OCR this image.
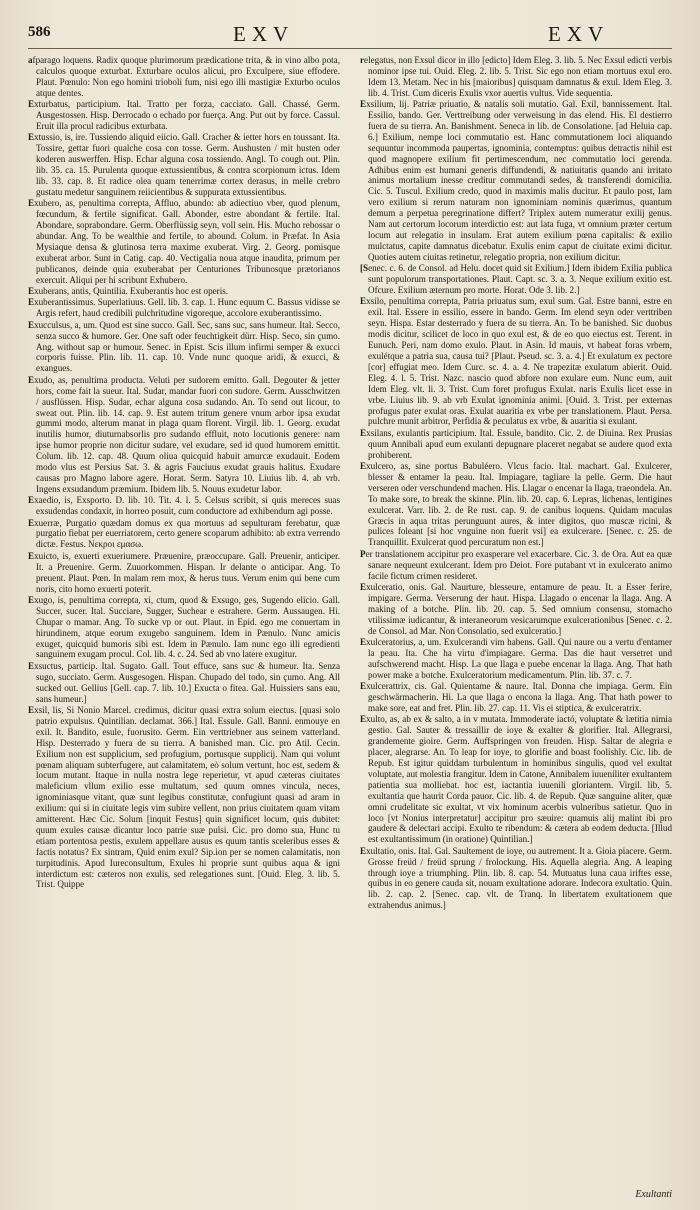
586	EXV	EXV

afparago loquens. Radix quoque plurimorum prædicatione trita, & in vino albo pota, calculos quoque exturbat. Exturbare oculos alicui, pro Exculpere, siue effodere. Plaut. Pœnulo: Non ego homini trioboli fum, nisi ego illi mastigiæ Exturbo oculos atque dentes.

Exturbatus, participium. Ital. Tratto per forza, cacciato. Gall. Chassé. Germ. Ausgestossen. Hisp. Derrocado o echado por fuerça. Ang. Put out by force. Cassul. Eruit illa procul radicibus exturbata.

Extussio, is, ire. Tussiendo aliquid eiicio. Gall. Cracher & ietter hors en toussant. Ita. Tossire, gettar fuori qualche cosa con tosse. Germ. Aushusten / mit husten oder koderen auswerffen. Hisp. Echar alguna cosa tossiendo. Angl. To cough out. Plin. lib. 35. ca. 15. Purulenta quoque extussientibus, & contra scorpionum ictus. Idem lib. 33. cap. 8. Et radice olea quam tenerrimæ cortex derasus, in melle crebro gustatu medetur sanguinem reiicientibus & suppurata extussientibus.

Exubero, as, penultima correpta, Affluo, abundo: ab adiectiuo vber, quod plenum, fœcundum, & fertile significat. Gall. Abonder, estre abondant & fertile. Ital. Abondare, soprabondare. Germ. Oberflüssig seyn, voll sein. His. Mucho rebossar o abundar. Ang. To be wealthie and fertile, to abound. Colum. in Præfat. In Asia Mysiaque densa & glutinosa terra maxime exuberat. Virg. 2. Georg. pomisque exuberat arbor. Sunt in Catig. cap. 40. Vectigalia noua atque inaudita, primum per publicanos, deinde quia exuberabat per Centuriones Tribunosque prætorianos exercuit. Aliqui per hi scribunt Exhubero.

Exuberans, antis, Quintilia. Exuberantis hoc est operis.

Exuberantissimus. Superlatiuus. Gell. lib. 3. cap. 1. Hunc equum C. Bassus vidisse se Argis refert, haud credibili pulchritudine vigoreque, accolore exuberantissimo.

Exucculsus, a, um. Quod est sine succo. Gall. Sec, sans suc, sans humeur. Ital. Secco, senza succo & humore. Ger. One saft oder feuchtigkeit dürr. Hisp. Seco, sin çumo. Ang. without sap or humour. Senec. in Epist. Scis illum infirmi semper & exucci corporis fuisse. Plin. lib. 11. cap. 10. Vnde nunc quoque aridi, & exucci, & exangues.

Exudo, as, penultima producta. Veluti per sudorem emitto. Gall. Degouter & jetter hors, come fait la sueur. Ital. Sudar, mandar fuori con sudore. Germ. Ausschwitzen / ausflüssen. Hisp. Sudar, echar alguna cosa sudando. An. To send out licour, to sweat out. Plin. lib. 14. cap. 9. Est autem tritum genere vnum arbor ipsa exudat gummi modo, alterum manat in plaga quam florent. Virgil. lib. 1. Georg. exudat inutilis humor, diuturnabsorlis pro sudando effluit, noto locutionis genere: nam ipse humor proprie non dicitur sudare, vel exudare, sed id quod humorem emittit. Colum. lib. 12. cap. 48. Quum oliua quicquid habuit amurcæ exudauit. Eodem modo vlus est Persius Sat. 3. & agris Fauciuus exudat grauis halitus. Exudare causas pro Magno labore agere. Horat. Serm. Satyra 10. Liuius lib. 4. ab vrb. Ingens exsudandum præmium. Ibidem lib. 5. Nouus exudetur labor.

Exaedio, is, Exsporto. D. lib. 10. Tit. 4. l. 5. Celsus scribit, si quis mereces suas exsudendas condaxit, in horreo posuit, cum conductore ad exhibendum agi posse.

Exuerræ, Purgatio quædam domus ex qua mortuus ad sepulturam ferebatur, quæ purgatio fiebat per euerriatorem, certo genere scoparum adhibito: ab extra verrendo dictæ. Festus. Νεκροι εμασω.

Exuicto, is, exuerti exueriumere. Præuenire, præoccupare. Gall. Preuenir, anticiper. It. a Preuenire. Germ. Zuuorkommen. Hispan. Ir delante o anticipar. Ang. To preuent. Plaut. Pœn. In malam rem mox, & herus tuus. Verum enim qui bene cum noris, cito homo exuerti poterit.

Exugo, is, penultima correpta, xi, ctum, quod & Exsugo, ges, Sugendo elicio. Gall. Succer, sucer. Ital. Succiare, Sugger, Suchear e estrahere. Germ. Aussaugen. Hi. Chupar o mamar. Ang. To sucke vp or out. Plaut. in Epid. ego me conuertam in hirundinem, atque eorum exugebo sanguinem. Idem in Pænulo. Nunc amicis exuget, quicquid humoris sibi est. Idem in Pænulo. Iam nunc ego illi egredienti sanguinem exugam procul. Col. lib. 4. c. 24. Sed ab vno latere exugitur.

Exsuctus, particip. Ital. Sugato. Gall. Tout effuce, sans suc & humeur. Ita. Senza sugo, succiato. Germ. Ausgesogen. Hispan. Chupado del todo, sin çumo. Ang. All sucked out. Gellius [Gell. cap. 7. lib. 10.] Exucta o fitea. Gal. Huissiers sans eau, sans humeur.]

Exsil, lis, Si Nonio Marcel. credimus, dicitur quasi extra solum eiectus. [quasi solo patrio expulsus. Quintilian. declamat. 366.] Ital. Essule. Gall. Banni. enmouye en exil. It. Bandito, esule, fuorusito. Germ. Ein verttriebner aus seinem vatterland. Hisp. Desterrado y fuera de su tierra. A banished man. Cic. pro Atil. Cecin. Exilium non est supplicium, sed profugium, portusque supplicij. Nam qui volunt pœnam aliquam subterfugere, aut calamitatem, eò solum vertunt, hoc est, sedem & locum mutant. Itaque in nulla nostra lege reperietur, vt apud cæteras ciuitates maleficium vllum exilio esse multatum, sed quum omnes vincula, neces, ignominiasque vitant, quæ sunt legibus constitutæ, confugiunt quasi ad aram in exilium: qui si in ciuitate legis vim subire vellent, non prius ciuitatem quam vitam amitterent. Hæc Cic. Solum [inquit Festus] quin significet locum, quis dubitet: quum exules causæ dicantur loco patrie suæ pulsi. Cic. pro domo sua, Hunc tu etiam portentosa pestis, exulem appellare ausus es quum tantis sceleribus esses & factis notatus? Ex sintram, Quid enim exul? Sip.ion per se nomen calamitatis, non turpitudinis. Apud Iureconsultum, Exules hi proprie sunt quibus aqua & igni interdictum est: cæteros non exulis, sed relegationes sunt. [Ouid. Eleg. 3. lib. 5. Trist. Quippe

relegatus, non Exsul dicor in illo [edicto] Idem Eleg. 3. lib. 5. Nec Exsul edicti verbis nominor ipse tui. Ouid. Eleg. 2. lib. 5. Trist. Sic ego non etiam mortuus exul ero. Idem 13. Metam. Nec in his [maioribus] quisquam damnatus & exul. Idem Eleg. 3. lib. 4. Trist. Cum diceris Exulis vxor auertis vultus. Vide sequentia.

Exsilium, lij. Patriæ priuatio, & natalis soli mutatio. Gal. Exil, bannissement. Ital. Essilio, bando. Ger. Verttreibung oder verweisung in das elend. His. El destierro fuera de su tierra. An. Banishment. Seneca in lib. de Consolatione. [ad Heluia cap. 6.] Exilium, nempe loci commutatio est. Hanc commutationem loci aliquando sequuntur incommoda paupertas, ignominia, contemptus: quibus detractis nihil est quod magnopere exilium fit pertimescendum, nec commutatio loci gerenda. Adhibus enim est humani generis diffundendi, & natiuitatis quando ani irritato animus mortalium inesse creditur commutandi sedes, & transferendi domicilia. Cic. 5. Tuscul. Exilium credo, quod in maximis malis ducitur. Et paulo post, Iam vero exilium si rerum naturam non ignominiam nominis quærimus, quantum demum a perpetua peregrinatione differt? Triplex autem numeratur exilij genus. Nam aut certorum locorum interdictio est: aut lata fuga, vt omnium præter certum locum aut relegatio in insulam. Erat autem exilium pœna capitalis: & exilio mulctatus, capite damnatus dicebatur. Exulis enim caput de ciuitate eximi dicitur. Quoties autem ciuitas retinetur, relegatio propria, non exilium dicitur.

[Senec. c. 6. de Consol. ad Helu. docet quid sit Exilium.] Idem ibidem Exilia publica sunt populorum transportationes. Plaut. Capt. sc. 3. a. 3. Neque exilium exitio est. Ofcure. Exilium æternum pro morte. Horat. Ode 3. lib. 2.]

Exsilo, penultima correpta, Patria priuatus sum, exul sum. Gal. Estre banni, estre en exil. Ital. Essere in essilio, essere in bando. Germ. Im elend seyn oder verttriben seyn. Hispa. Estar desterrado y fuera de su tierra. An. To be banished. Sic duobus modis dicitur, scilicet de loco in quo exul est, & de eo quo eiectus est. Terent. in Eunuch. Peri, nam domo exulo. Plaut. in Asin. Id mauis, vt habeat foras vrbem, exulétque a patria sua, causa tui? [Plaut. Pseud. sc. 3. a. 4.] Et exulatum ex pectore [cor] effugiat meo. Idem Curc. sc. 4. a. 4. Ne trapezitæ exulatum abierit. Ouid. Eleg. 4. l. 5. Trist. Nazc. nascio quod abfore non exulare eum. Nunc eum, auit Idem Eleg. vlt. li. 3. Trist. Cum foret profugus Exulat. naris Exulis licet esse in vrbe. Liuius lib. 9. ab vrb Exulat ignominia animi. [Ouid. 3. Trist. per externas profugus pater exulat oras. Exulat auaritia ex vrbe per translationem. Plaut. Persa. pulchre munit arbitror, Perfidia & peculatus ex vrbe, & auaritia si exulant.

Exsilans, exulantis participium. Ital. Essule, bandito. Cic. 2. de Diuina. Rex Prusias quum Annibali apud eum exulanti depugnare placeret negabat se audere quod exta prohiberent.

Exulcero, as, sine portus Babuléero. Vlcus facio. Ital. machart. Gal. Exulcerer, blesser & entamer la peau. Ital. Impiagare, tagliare la pelle. Germ. Die haut verseren oder verschundend machen. His. Llagar o encenar la llaga, traeondela. An. To make sore, to break the skinne. Plin. lib. 20. cap. 6. Lepras, lichenas, lentigines exulcerat. Varr. lib. 2. de Re rust. cap. 9. de canibus loquens. Quidam maculas Græcis in aqua tritas perunguunt aures, & inter digitos, quo muscæ ricini, & pulices foleant [si hoc vnguine non fuerit vsi] ea exulcerare. [Senec. c. 25. de Tranquillit. Exulcerat quod percuratum non est.]

Per translationem accipitur pro exasperare vel exacerbare. Cic. 3. de Ora. Aut ea quæ sanare nequeunt exulcerant. Idem pro Deiot. Fore putabant vt in exulcerato animo facile fictum crimen resideret.

Exulceratio, onis. Gal. Naurture, blesseure, entamure de peau. It. a Esser ferire, impigare. Germa. Verserung der haut. Hispa. Llagado o encenar la llaga. Ang. A making of a botche. Plin. lib. 20. cap. 5. Sed omnium consensu, stomacho vtilissimæ iudicantur, & interaneorum vesicarumque exulcerationibus [Senec. c. 2. de Consol. ad Mar. Non Consolatio, sed exulceratio.]

Exulceratorius, a, um. Exulcerandi vim habens. Gall. Qui naure ou a vertu d'entamer la peau. Ita. Che ha virtu d'impiagare. Germa. Das die haut versetret und aufschwerend macht. Hisp. La que llaga e puebe encenar la llaga. Ang. That hath power make a botche. Exulceratorium medicamentum. Plin. lib. 37. c. 7.

Exulcerattrix, cis. Gal. Quientame & naure. Ital. Donna che impiaga. Germ. Ein geschwärmacherin. Hi. La que llaga o encona la llaga. Ang. That hath power to make sore, eat and fret. Plin. lib. 27. cap. 11. Vis ei stiptica, & exulceratrix.

Exulto, as, ab ex & salto, a in v mutata. Immoderate iactó, voluptate & lætitia nimia gestio. Gal. Sauter & tressaillir de ioye & exalter & glorifier. Ital. Allegrarsi, grandemente gioire. Germ. Auffspringen von freuden. Hisp. Saltar de alegria e placer, alegrarse. An. To leap for ioye, to glorifie and boast foolishly. Cic. lib. de Repub. Est igitur quiddam turbulentum in hominibus singulis, quod vel exultat voluptate, aut molestia frangitur. Idem in Catone, Annibalem iuueniliter exultantem patientia sua molliebat. hoc est, iactantia iuuenili gloriantem. Virgil. lib. 5. exultantia que haurit Corda pauor. Cic. lib. 4. de Repub. Quæ sanguine aliter, quæ omni crudelitate sic exultat, vt vix hominum acerbis vulneribus satietur. Quo in loco [vt Nonius interpretatur] accipitur pro sæuire: quamuis alij malint ibi pro gaudere & delectari accipi. Exulto te ribendum: & cætera ab eodem deducta. [Illud est exultantissimum (in oratione) Quintilian.]

Exultatio, onis. Ital. Gal. Saultement de ioye, ou autrement. It a. Gioia piacere. Germ. Grosse freüd / freüd sprung / frolockung. His. Aquella alegria. Ang. A leaping through ioye a triumphing. Plin. lib. 8. cap. 54. Mutuatus luna caua iriftes esse, quibus in eo genere cauda sit, nouam exultatione adorare. Indecora exultatio. Quin. lib. 2. cap. 2. [Senec. cap. vlt. de Tranq. In libertatem exultationem que extrahendus animus.]

Exultanti
